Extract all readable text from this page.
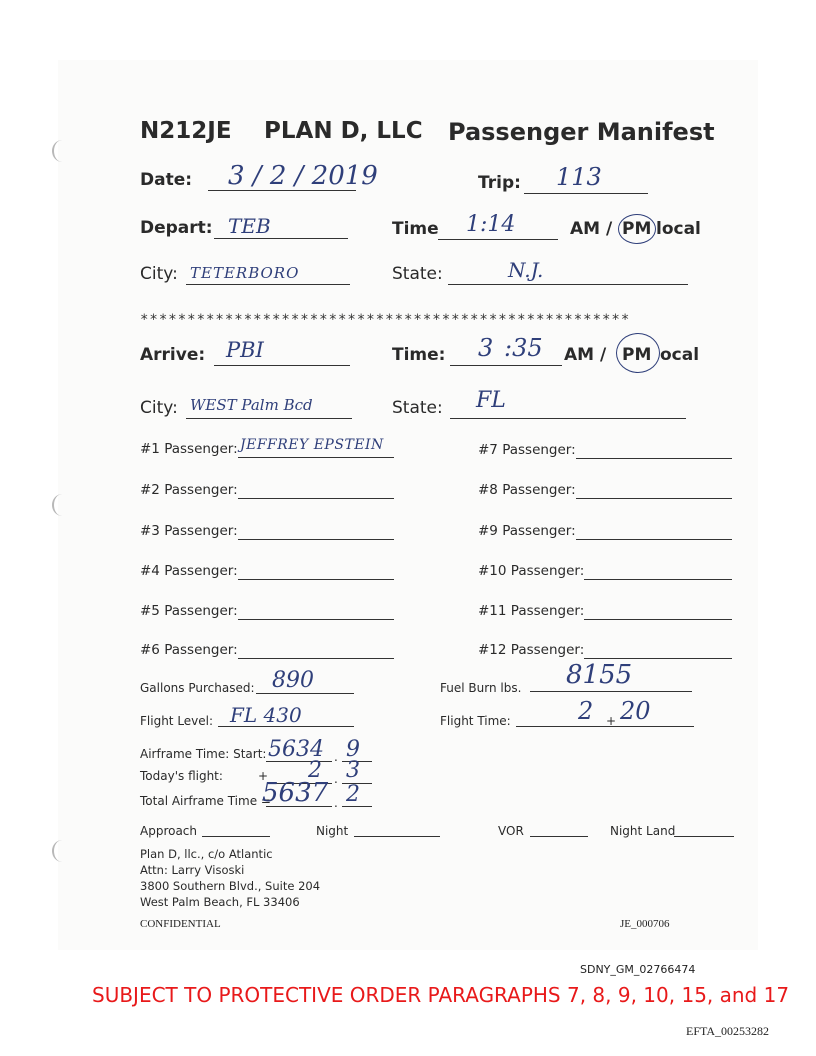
N212JE PLAN D, LLC Passenger Manifest
Date: 3 / 2 / 2019	Trip: 113
Depart: TEB	Time 1:14	AM / PM local
City: TETERBORO	State:	N.J.
****************************************************
Arrive: PBI	Time: 3 :35 AM / PM ocal
City: WEST Palm Bcd	State: FL
#1 Passenger: JEFFREY EPSTEIN
#2 Passenger:
#3 Passenger:
#4 Passenger:
#5 Passenger:
#6 Passenger:
#7 Passenger:
#8 Passenger:
#9 Passenger:
#10 Passenger:
#11 Passenger:
#12 Passenger:
Gallons Purchased: 890	Fuel Burn lbs. 8155
Flight Level: FL 430	Flight Time:	2 + 20
Airframe Time: Start: 5634 . 9
Today's flight:	+ 2 . 3
Total Airframe Time =
5637 . 2
Approach	Night	VOR	Night Land
Plan D, llc., c/o Atlantic
Attn: Larry Visoski
3800 Southern Blvd., Suite 204
West Palm Beach, FL 33406
CONFIDENTIAL	JE_000706
SDNY_GM_02766474
SUBJECT TO PROTECTIVE ORDER PARAGRAPHS 7, 8, 9, 10, 15, and 17
EFTA_00253282
